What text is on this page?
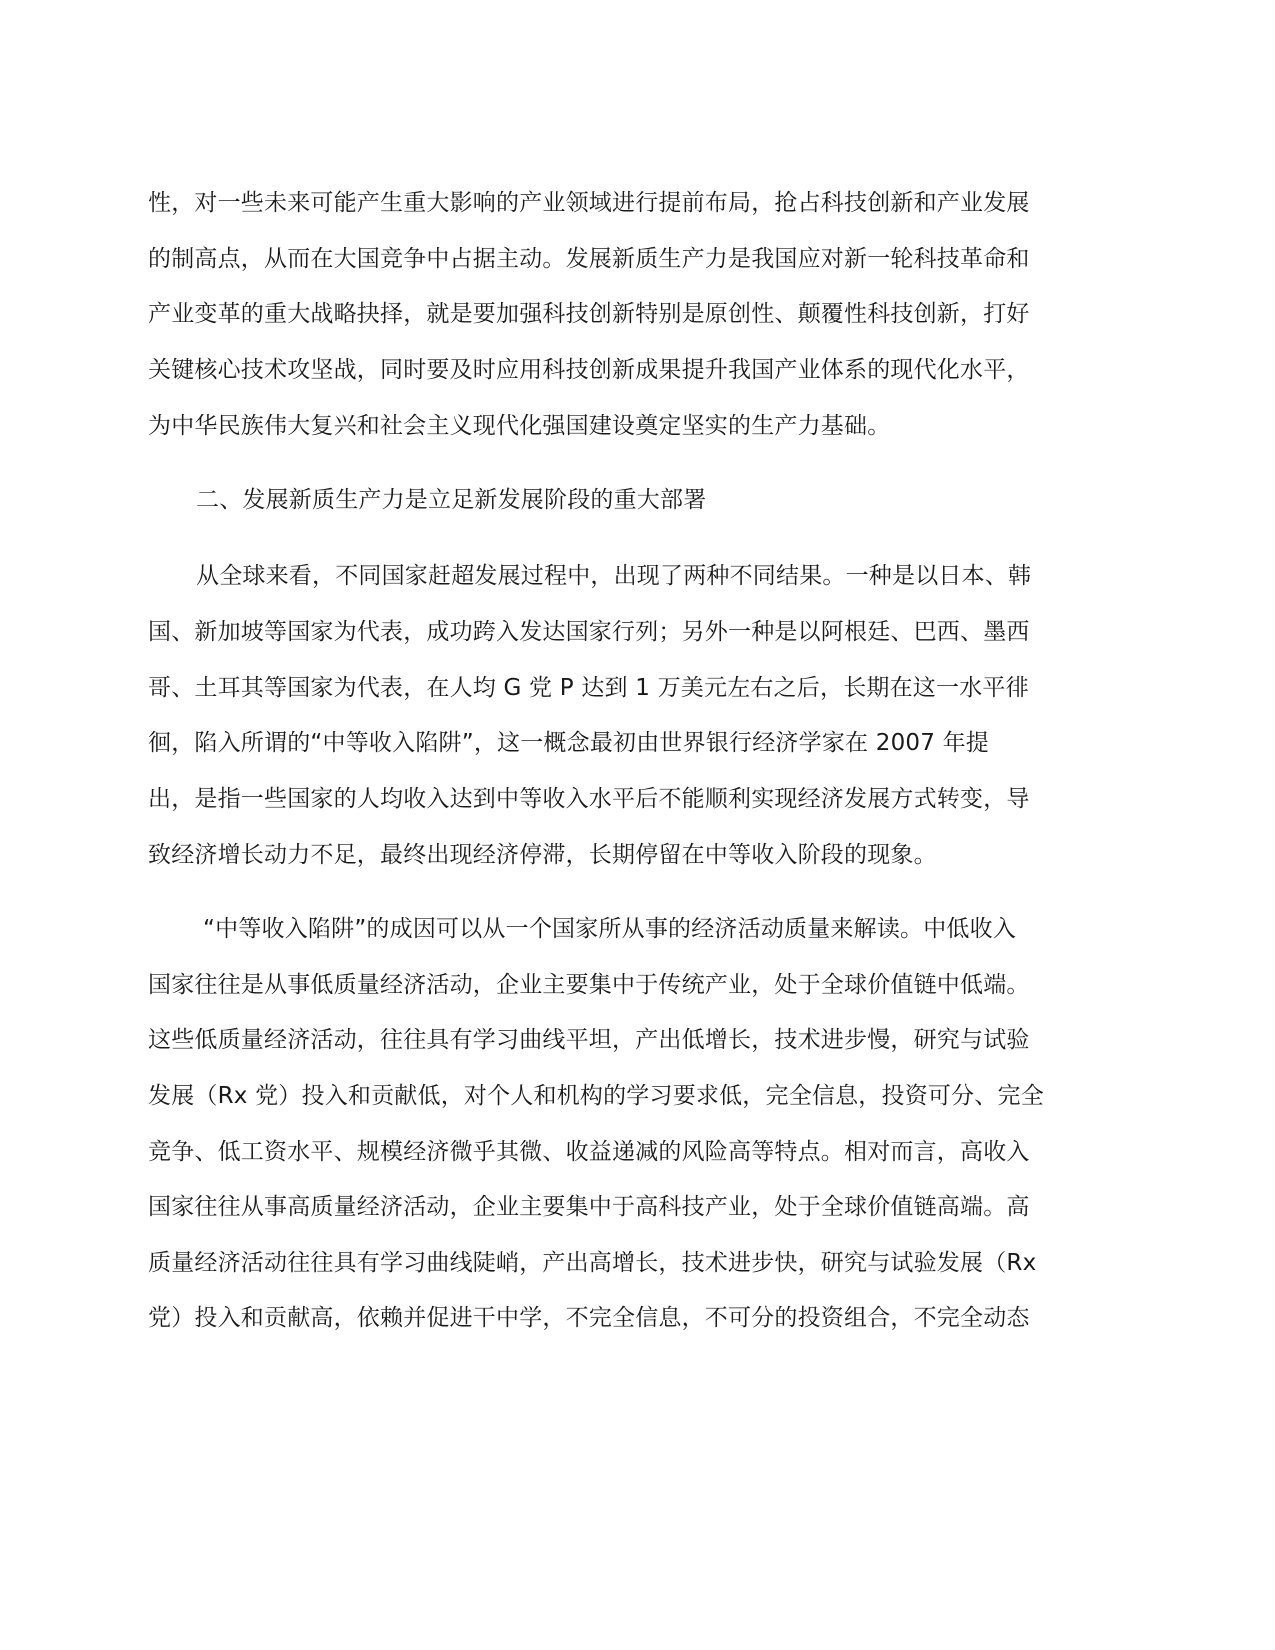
性，对一些未来可能产生重大影响的产业领域进行提前布局，抢占科技创新和产业发展
的制高点，从而在大国竞争中占据主动。发展新质生产力是我国应对新一轮科技革命和
产业变革的重大战略抉择，就是要加强科技创新特别是原创性、颠覆性科技创新，打好
关键核心技术攻坚战，同时要及时应用科技创新成果提升我国产业体系的现代化水平，
为中华民族伟大复兴和社会主义现代化强国建设奠定坚实的生产力基础。
二、发展新质生产力是立足新发展阶段的重大部署
从全球来看，不同国家赶超发展过程中，出现了两种不同结果。一种是以日本、韩
国、新加坡等国家为代表，成功跨入发达国家行列；另外一种是以阿根廷、巴西、墨西
哥、土耳其等国家为代表，在人均 G 党 P 达到 1 万美元左右之后，长期在这一水平徘
徊，陷入所谓的“中等收入陷阱”，这一概念最初由世界银行经济学家在 2007 年提
出，是指一些国家的人均收入达到中等收入水平后不能顺利实现经济发展方式转变，导
致经济增长动力不足，最终出现经济停滞，长期停留在中等收入阶段的现象。
“中等收入陷阱”的成因可以从一个国家所从事的经济活动质量来解读。中低收入
国家往往是从事低质量经济活动，企业主要集中于传统产业，处于全球价值链中低端。
这些低质量经济活动，往往具有学习曲线平坦，产出低增长，技术进步慢，研究与试验
发展（Rx 党）投入和贡献低，对个人和机构的学习要求低，完全信息，投资可分、完全
竞争、低工资水平、规模经济微乎其微、收益递减的风险高等特点。相对而言，高收入
国家往往从事高质量经济活动，企业主要集中于高科技产业，处于全球价值链高端。高
质量经济活动往往具有学习曲线陡峭，产出高增长，技术进步快，研究与试验发展（Rx
党）投入和贡献高，依赖并促进干中学，不完全信息，不可分的投资组合，不完全动态
